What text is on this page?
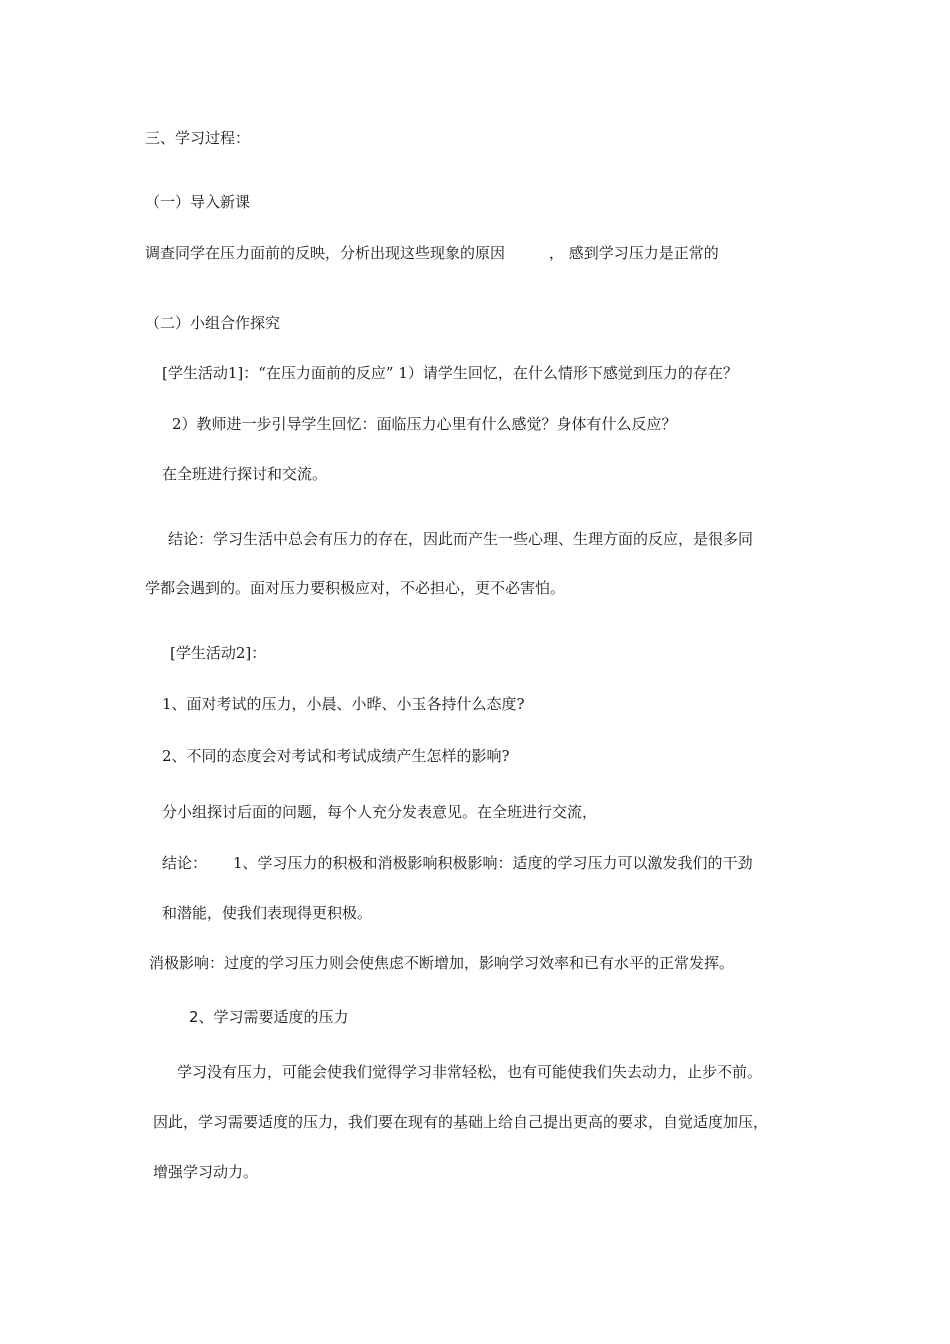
三、学习过程：
（一）导入新课
调查同学在压力面前的反映，分析出现这些现象的原因	， 感到学习压力是正常的
（二）小组合作探究
[学生活动1]：“在压力面前的反应” 1）请学生回忆，在什么情形下感觉到压力的存在？
2）教师进一步引导学生回忆：面临压力心里有什么感觉？身体有什么反应？
在全班进行探讨和交流。
结论：学习生活中总会有压力的存在，因此而产生一些心理、生理方面的反应，是很多同
学都会遇到的。面对压力要积极应对，不必担心，更不必害怕。
[学生活动2]：
1、面对考试的压力，小晨、小晔、小玉各持什么态度?
2、不同的态度会对考试和考试成绩产生怎样的影响?
分小组探讨后面的问题，每个人充分发表意见。在全班进行交流，
结论： 1、学习压力的积极和消极影响积极影响：适度的学习压力可以激发我们的干劲
和潜能，使我们表现得更积极。
消极影响：过度的学习压力则会使焦虑不断增加，影响学习效率和已有水平的正常发挥。
2、学习需要适度的压力
学习没有压力，可能会使我们觉得学习非常轻松，也有可能使我们失去动力，止步不前。
因此，学习需要适度的压力，我们要在现有的基础上给自己提出更高的要求，自觉适度加压，
增强学习动力。
